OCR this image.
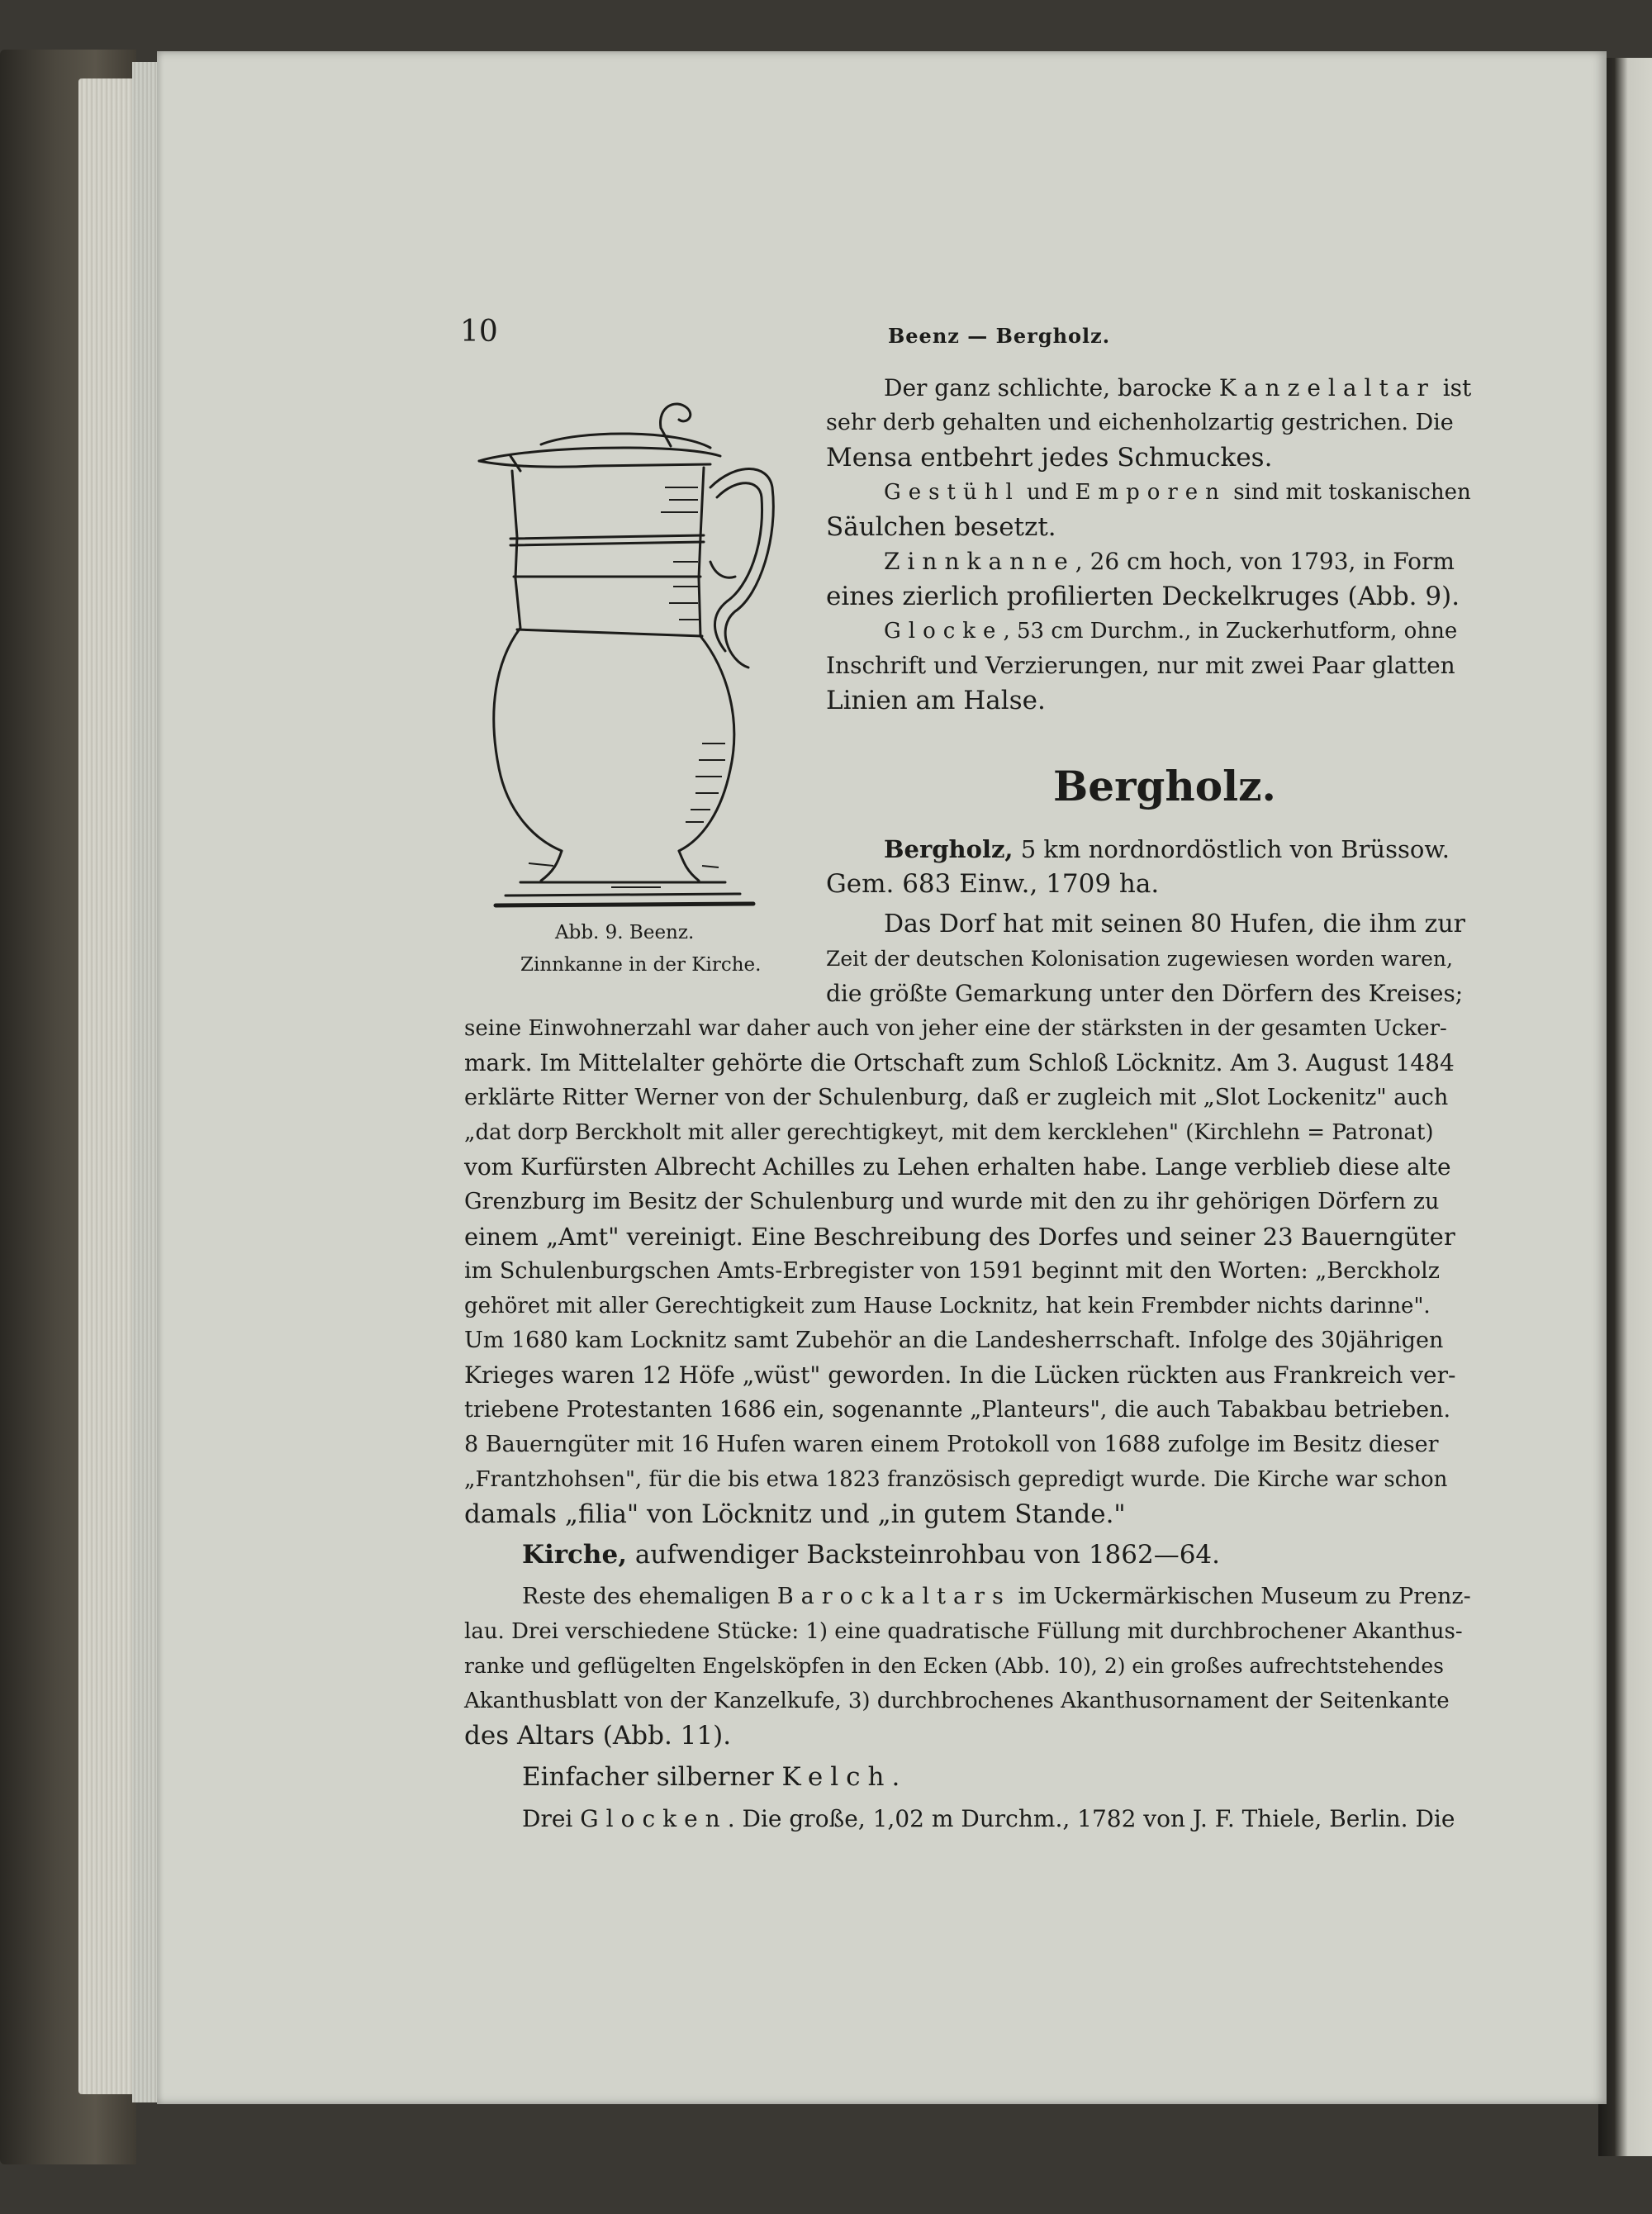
10	Beenz — Bergholz.
Abb. 9. Beenz.
Zinnkanne in der Kirche.
Der ganz schlichte, barocke Kanzelaltar ist
sehr derb gehalten und eichenholzartig gestrichen. Die
Mensa entbehrt jedes Schmuckes.
Gestühl und Emporen sind mit toskanischen
Säulchen besetzt.
Zinnkanne, 26 cm hoch, von 1793, in Form
eines zierlich profilierten Deckelkruges (Abb. 9).
Glocke, 53 cm Durchm., in Zuckerhutform, ohne
Inschrift und Verzierungen, nur mit zwei Paar glatten
Linien am Halse.
Bergholz.
Bergholz, 5 km nordnordöstlich von Brüssow.
Gem. 683 Einw., 1709 ha.
Das Dorf hat mit seinen 80 Hufen, die ihm zur
Zeit der deutschen Kolonisation zugewiesen worden waren,
die größte Gemarkung unter den Dörfern des Kreises;
seine Einwohnerzahl war daher auch von jeher eine der stärksten in der gesamten Ucker-
mark. Im Mittelalter gehörte die Ortschaft zum Schloß Löcknitz. Am 3. August 1484
erklärte Ritter Werner von der Schulenburg, daß er zugleich mit „Slot Lockenitz" auch
„dat dorp Berckholt mit aller gerechtigkeyt, mit dem kercklehen" (Kirchlehn = Patronat)
vom Kurfürsten Albrecht Achilles zu Lehen erhalten habe. Lange verblieb diese alte
Grenzburg im Besitz der Schulenburg und wurde mit den zu ihr gehörigen Dörfern zu
einem „Amt" vereinigt. Eine Beschreibung des Dorfes und seiner 23 Bauerngüter
im Schulenburgschen Amts-Erbregister von 1591 beginnt mit den Worten: „Berckholz
gehöret mit aller Gerechtigkeit zum Hause Locknitz, hat kein Frembder nichts darinne".
Um 1680 kam Locknitz samt Zubehör an die Landesherrschaft. Infolge des 30jährigen
Krieges waren 12 Höfe „wüst" geworden. In die Lücken rückten aus Frankreich ver-
triebene Protestanten 1686 ein, sogenannte „Planteurs", die auch Tabakbau betrieben.
8 Bauerngüter mit 16 Hufen waren einem Protokoll von 1688 zufolge im Besitz dieser
„Frantzhohsen", für die bis etwa 1823 französisch gepredigt wurde. Die Kirche war schon
damals „filia" von Löcknitz und „in gutem Stande."
Kirche, aufwendiger Backsteinrohbau von 1862—64.
Reste des ehemaligen Barockaltars im Uckermärkischen Museum zu Prenz-
lau. Drei verschiedene Stücke: 1) eine quadratische Füllung mit durchbrochener Akanthus-
ranke und geflügelten Engelsköpfen in den Ecken (Abb. 10), 2) ein großes aufrechtstehendes
Akanthusblatt von der Kanzelkufe, 3) durchbrochenes Akanthusornament der Seitenkante
des Altars (Abb. 11).
Einfacher silberner Kelch.
Drei Glocken. Die große, 1,02 m Durchm., 1782 von J. F. Thiele, Berlin. Die
